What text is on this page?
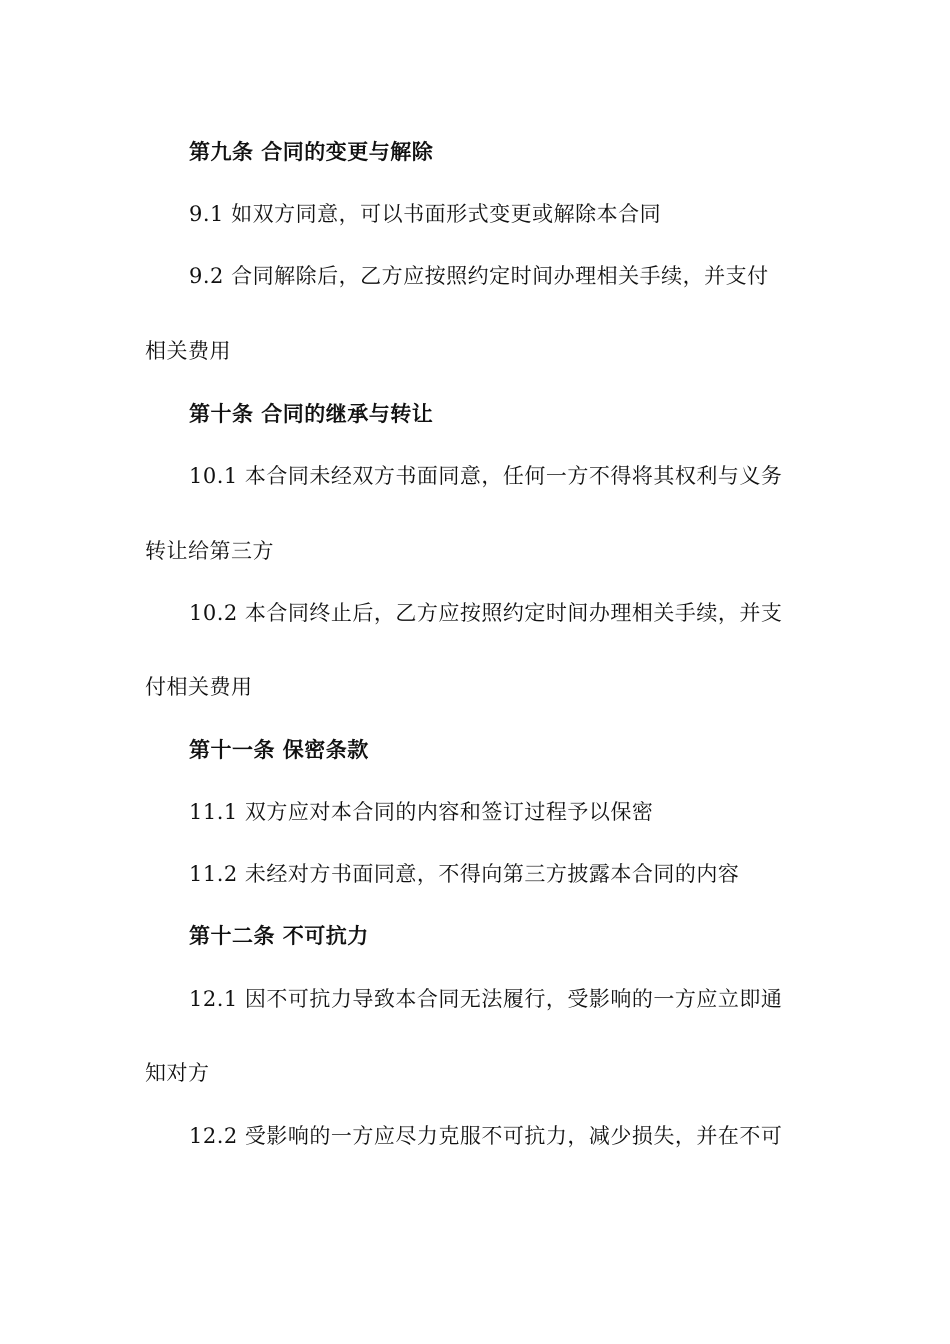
第九条 合同的变更与解除
9.1 如双方同意，可以书面形式变更或解除本合同
9.2 合同解除后，乙方应按照约定时间办理相关手续，并支付
相关费用
第十条 合同的继承与转让
10.1 本合同未经双方书面同意，任何一方不得将其权利与义务
转让给第三方
10.2 本合同终止后，乙方应按照约定时间办理相关手续，并支
付相关费用
第十一条 保密条款
11.1 双方应对本合同的内容和签订过程予以保密
11.2 未经对方书面同意，不得向第三方披露本合同的内容
第十二条 不可抗力
12.1 因不可抗力导致本合同无法履行，受影响的一方应立即通
知对方
12.2 受影响的一方应尽力克服不可抗力，减少损失，并在不可
